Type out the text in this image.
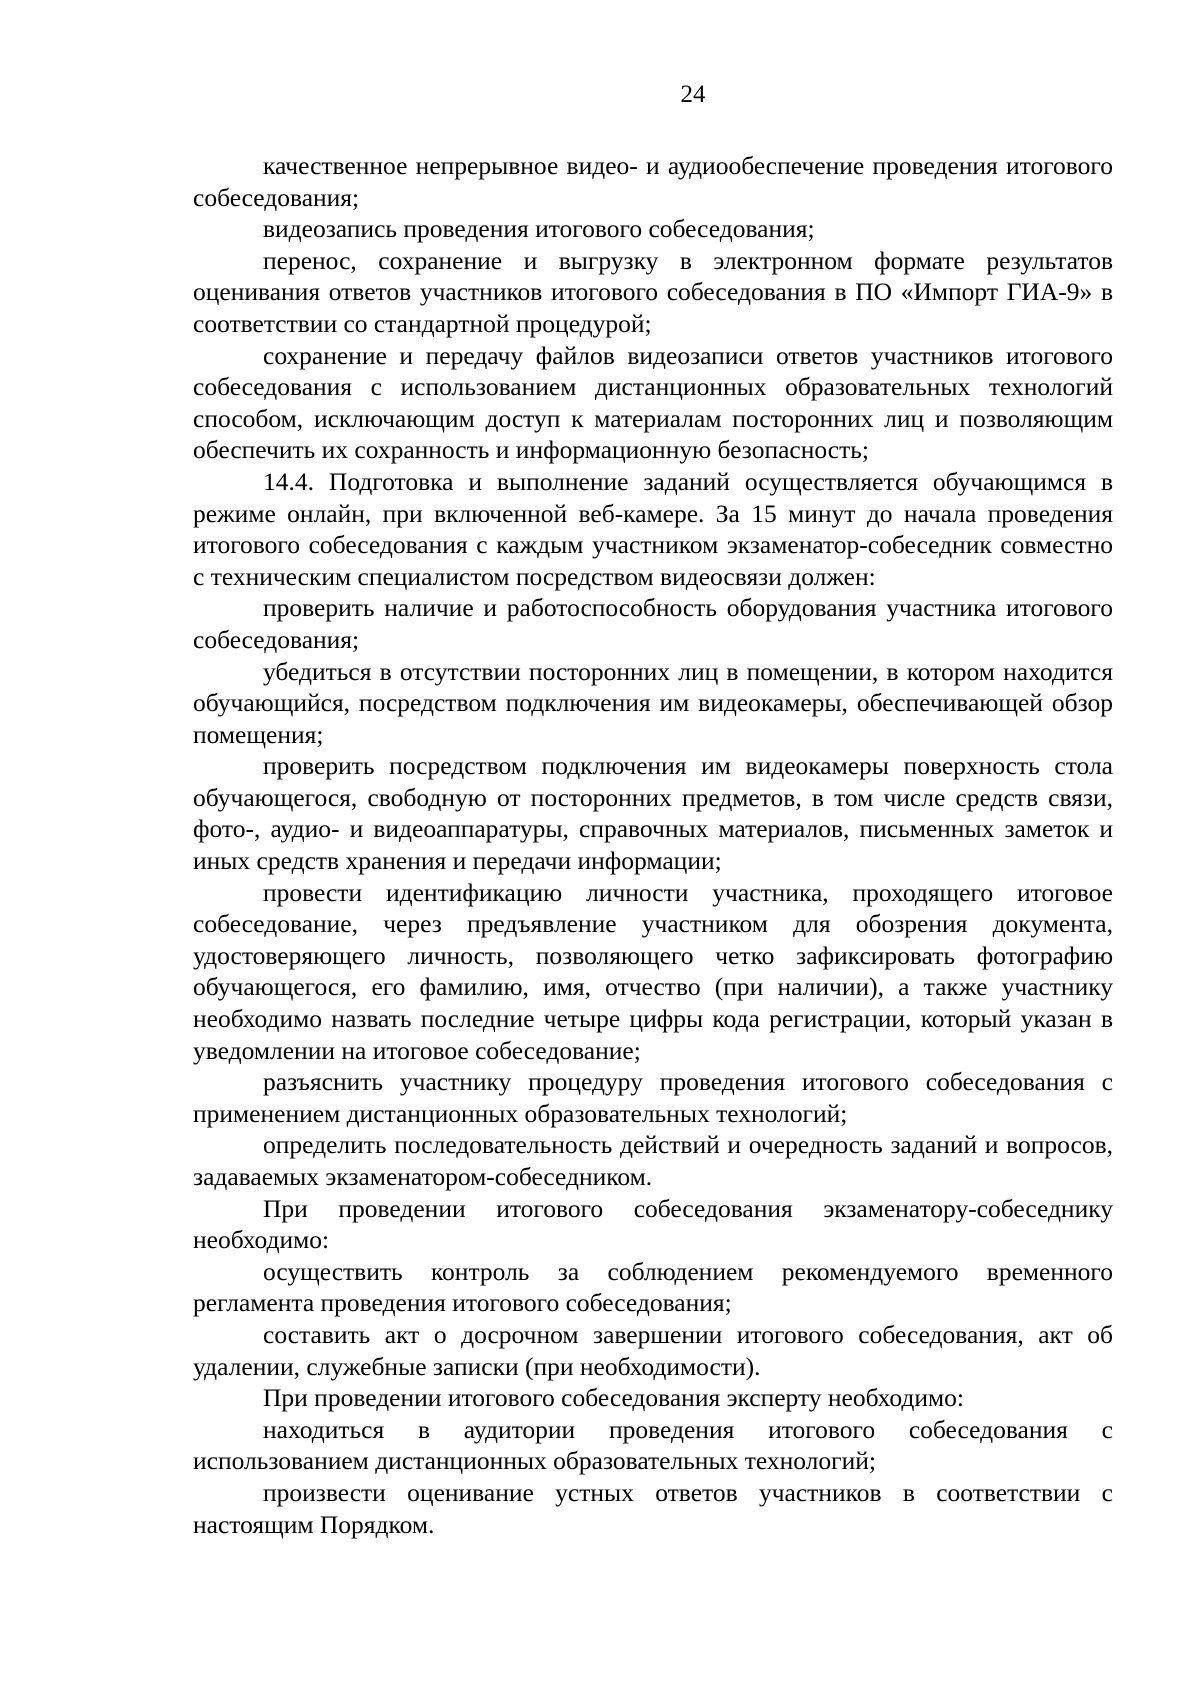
24

качественное непрерывное видео- и аудиообеспечение проведения итогового собеседования;

видеозапись проведения итогового собеседования;

перенос, сохранение и выгрузку в электронном формате результатов оценивания ответов участников итогового собеседования в ПО «Импорт ГИА-9» в соответствии со стандартной процедурой;

сохранение и передачу файлов видеозаписи ответов участников итогового собеседования с использованием дистанционных образовательных технологий способом, исключающим доступ к материалам посторонних лиц и позволяющим обеспечить их сохранность и информационную безопасность;

14.4. Подготовка и выполнение заданий осуществляется обучающимся в режиме онлайн, при включенной веб-камере. За 15 минут до начала проведения итогового собеседования с каждым участником экзаменатор-собеседник совместно с техническим специалистом посредством видеосвязи должен:

проверить наличие и работоспособность оборудования участника итогового собеседования;

убедиться в отсутствии посторонних лиц в помещении, в котором находится обучающийся, посредством подключения им видеокамеры, обеспечивающей обзор помещения;

проверить посредством подключения им видеокамеры поверхность стола обучающегося, свободную от посторонних предметов, в том числе средств связи, фото-, аудио- и видеоаппаратуры, справочных материалов, письменных заметок и иных средств хранения и передачи информации;

провести идентификацию личности участника, проходящего итоговое собеседование, через предъявление участником для обозрения документа, удостоверяющего личность, позволяющего четко зафиксировать фотографию обучающегося, его фамилию, имя, отчество (при наличии), а также участнику необходимо назвать последние четыре цифры кода регистрации, который указан в уведомлении на итоговое собеседование;

разъяснить участнику процедуру проведения итогового собеседования с применением дистанционных образовательных технологий;

определить последовательность действий и очередность заданий и вопросов, задаваемых экзаменатором-собеседником.

При проведении итогового собеседования экзаменатору-собеседнику необходимо:

осуществить контроль за соблюдением рекомендуемого временного регламента проведения итогового собеседования;

составить акт о досрочном завершении итогового собеседования, акт об удалении, служебные записки (при необходимости).

При проведении итогового собеседования эксперту необходимо:

находиться в аудитории проведения итогового собеседования с использованием дистанционных образовательных технологий;

произвести оценивание устных ответов участников в соответствии с настоящим Порядком.
